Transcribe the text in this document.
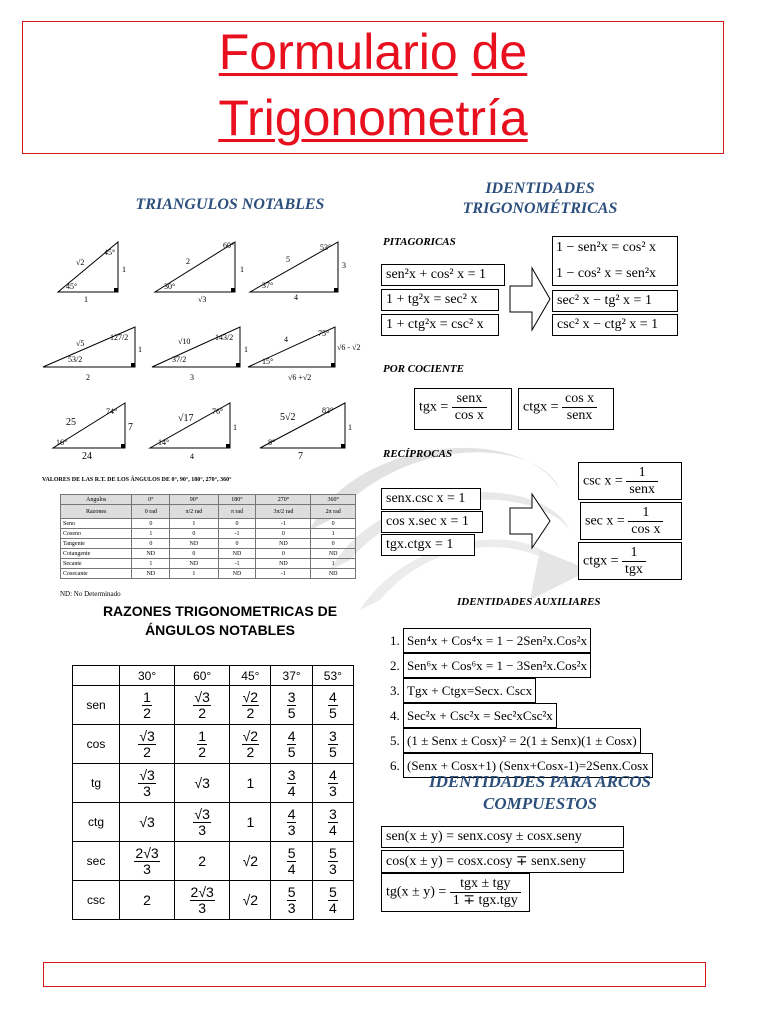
Formulario de
Trigonometría
TRIANGULOS NOTABLES
√2
45°
1
1
45°
2
60°
1
√3
30°
5
53°
3
4
37°
√5
127/2
1
2
53/2
√10	143/2
1
3
37/2
4
75°
√6 - √2
√6 +√2
15°
25
74°
7
24
16°
√17
76°
1
4
14°
5√2
82°
1
7
8°
VALORES DE LAS R.T. DE LOS ÁNGULOS DE 0°, 90°, 180°, 270°, 360°
Angulos	0°	90°	180°	270°	360°
Razones	0 rad	π/2 rad	π rad	3π/2 rad	2π rad
Seno	0	1	0	-1	0
Coseno	1	0	-1	0	1
Tangente	0	ND	0	ND	0
Cotangente	ND	0	ND	0	ND
Secante	1	ND	-1	ND	1
Cosecante	ND	1	ND	-1	ND
ND: No Determinado
RAZONES TRIGONOMETRICAS DE
ÁNGULOS NOTABLES
	30°	60°	45°	37°	53°
sen	$\frac{1}{2}$	$\frac{√3}{2}$	$\frac{√2}{2}$	$\frac{3}{5}$	$\frac{4}{5}$

cos	$\frac{√3}{2}$	$\frac{1}{2}$	$\frac{√2}{2}$	$\frac{4}{5}$	$\frac{3}{5}$

tg	$\frac{√3}{3}$	√3	1	$\frac{3}{4}$	$\frac{4}{3}$

ctg	√3	$\frac{√3}{3}$	1	$\frac{4}{3}$	$\frac{3}{4}$

sec	$\frac{2√3}{3}$	2	√2	$\frac{5}{4}$	$\frac{5}{3}$

csc	2	$\frac{2√3}{3}$	√2	$\frac{5}{3}$	$\frac{5}{4}$
IDENTIDADES
TRIGONOMÉTRICAS
PITAGORICAS
sen²x + cos² x = 1
1 + tg²x = sec² x
1 + ctg²x = csc² x
1 − sen²x = cos² x
1 − cos² x = sen²x
sec² x − tg² x = 1
csc² x − ctg² x = 1
POR COCIENTE
tgx = $\frac{\text{senx}}{\text{cos x}}$	ctgx = $\frac{\text{cos x}}{\text{senx}}$
RECÍPROCAS
senx.csc x = 1
cos x.sec x = 1
tgx.ctgx = 1
$\csc x = \frac{1}{\text{senx}}$
$\sec x = \frac{1}{\text{cos x}}$
ctgx = $\frac{1}{\text{tgx}}$
IDENTIDADES AUXILIARES
1. Sen⁴x + Cos⁴x = 1 − 2Sen²x.Cos²x
2. Sen⁶x + Cos⁶x = 1 − 3Sen²x.Cos²x
3. Tgx + Ctgx=Secx. Cscx
4. Sec²x + Csc²x = Sec²xCsc²x
5. (1 ± Senx ± Cosx)² = 2(1 ± Senx)(1 ± Cosx)
6. (Senx + Cosx+1) (Senx+Cosx-1)=2Senx.Cosx
IDENTIDADES PARA ARCOS
COMPUESTOS
sen(x ± y) = senx.cosy ± cosx.seny
cos(x ± y) = cosx.cosy ∓ senx.seny
$tg(x \pm y) = \frac{\text{tgx ± tgy}}{\text{1 ∓ tgx.tgy}}$
